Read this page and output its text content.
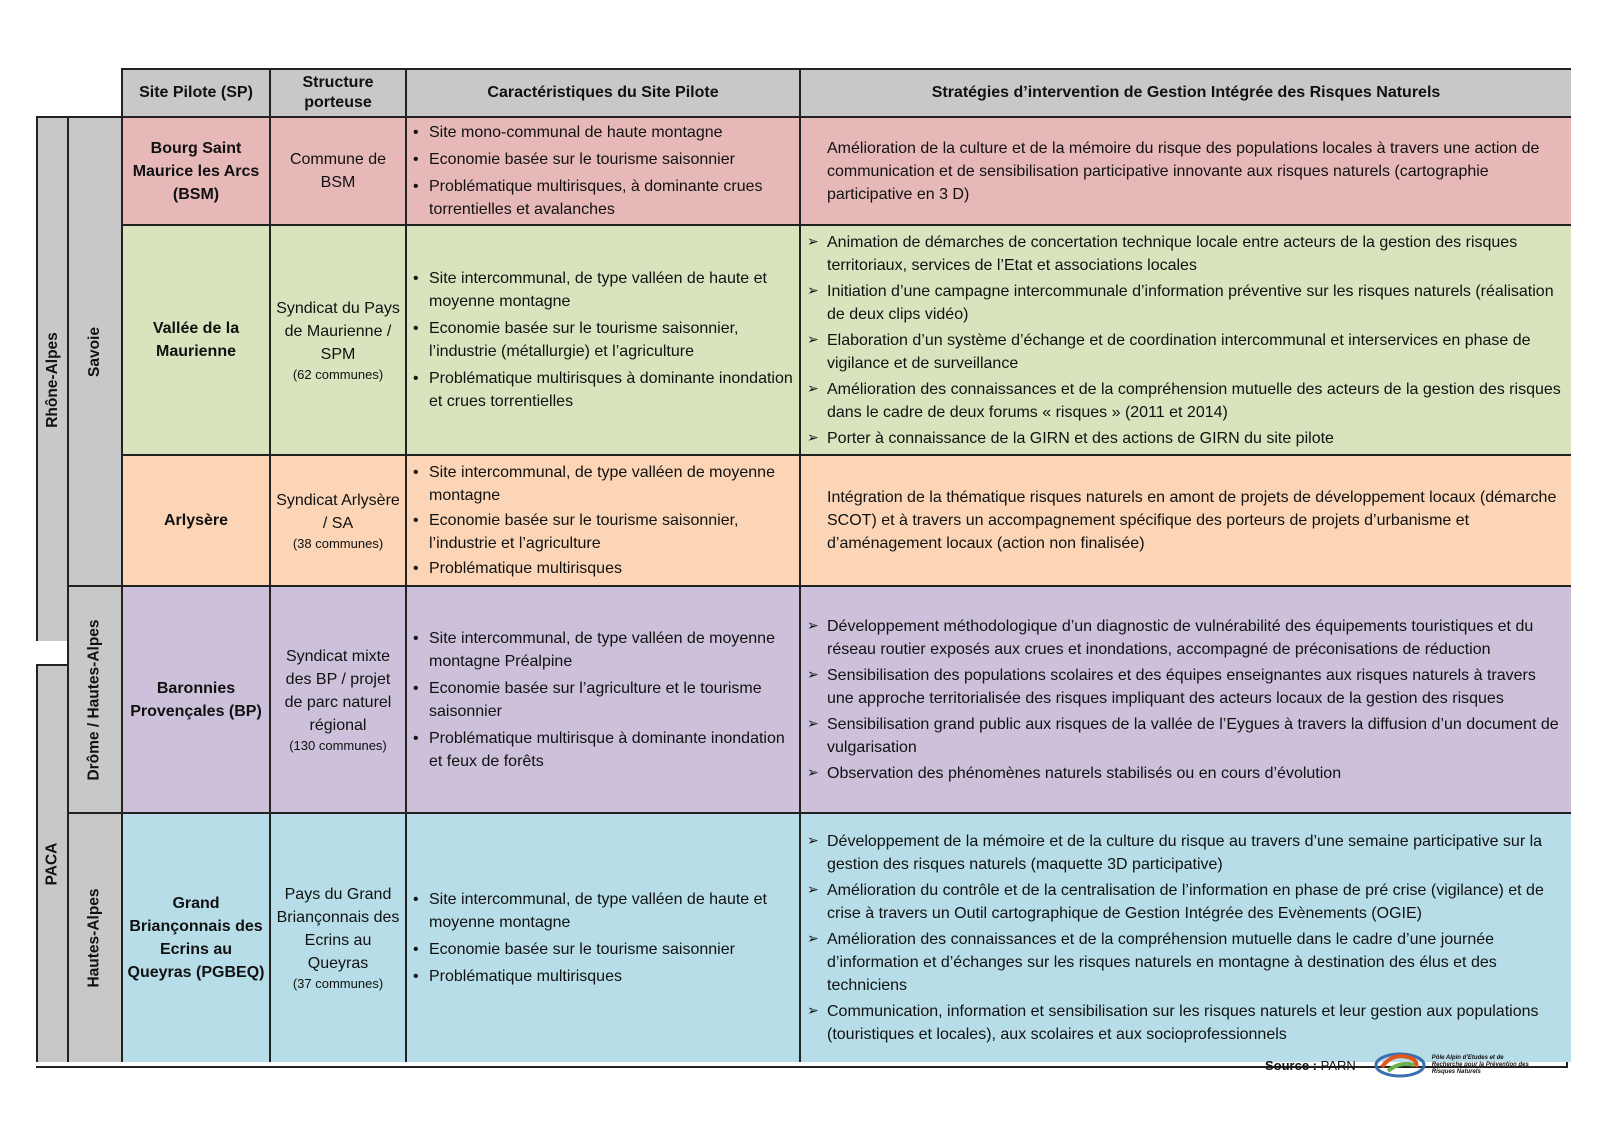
Site Pilote (SP)
Structure porteuse
Caractéristiques du Site Pilote	Stratégies d’intervention de Gestion Intégrée des Risques Naturels
Rhône-Alpes
PACA
Savoie
Drôme / Hautes-Alpes
Hautes-Alpes
Bourg Saint Maurice les Arcs (BSM)
Commune de BSM
• Site mono-communal de haute montagne
• Economie basée sur le tourisme saisonnier
• Problématique multirisques, à dominante crues torrentielles et avalanches

Amélioration de la culture et de la mémoire du risque des populations locales à travers une action de communication et de sensibilisation participative innovante aux risques naturels (cartographie participative en 3 D)

Vallée de la Maurienne
Syndicat du Pays de Maurienne / SPM
(62 communes)
• Site intercommunal, de type valléen de haute et moyenne montagne
• Economie basée sur le tourisme saisonnier, l’industrie (métallurgie) et l’agriculture
• Problématique multirisques à dominante inondation et crues torrentielles
➢ Animation de démarches de concertation technique locale entre acteurs de la gestion des risques territoriaux, services de l’Etat et associations locales
➢ Initiation d’une campagne intercommunale d’information préventive sur les risques naturels (réalisation de deux clips vidéo)
➢ Elaboration d’un système d’échange et de coordination intercommunal et interservices en phase de vigilance et de surveillance
➢ Amélioration des connaissances et de la compréhension mutuelle des acteurs de la gestion des risques dans le cadre de deux forums « risques » (2011 et 2014)
➢ Porter à connaissance de la GIRN et des actions de GIRN du site pilote
Arlysère
Syndicat Arlysère / SA
(38 communes)
• Site intercommunal, de type valléen de moyenne montagne
• Economie basée sur le tourisme saisonnier, l’industrie et l’agriculture
• Problématique multirisques

Intégration de la thématique risques naturels en amont de projets de développement locaux (démarche SCOT) et à travers un accompagnement spécifique des porteurs de projets d’urbanisme et d’aménagement locaux (action non finalisée)

Baronnies Provençales (BP)
Syndicat mixte des BP / projet de parc naturel régional
(130 communes)
• Site intercommunal, de type valléen de moyenne montagne Préalpine
• Economie basée sur l’agriculture et le tourisme saisonnier
• Problématique multirisque à dominante inondation et feux de forêts
➢ Développement méthodologique d’un diagnostic de vulnérabilité des équipements touristiques et du réseau routier exposés aux crues et inondations, accompagné de préconisations de réduction
➢ Sensibilisation des populations scolaires et des équipes enseignantes aux risques naturels à travers une approche territorialisée des risques impliquant des acteurs locaux de la gestion des risques
➢ Sensibilisation grand public aux risques de la vallée de l’Eygues à travers la diffusion d’un document de vulgarisation
➢ Observation des phénomènes naturels stabilisés ou en cours d’évolution
Grand Briançonnais des Ecrins au Queyras (PGBEQ)
Pays du Grand Briançonnais des Ecrins au Queyras
(37 communes)
• Site intercommunal, de type valléen de haute et moyenne montagne
• Economie basée sur le tourisme saisonnier
• Problématique multirisques
➢ Développement de la mémoire et de la culture du risque au travers d’une semaine participative sur la gestion des risques naturels (maquette 3D participative)
➢ Amélioration du contrôle et de la centralisation de l’information en phase de pré crise (vigilance) et de crise à travers un Outil cartographique de Gestion Intégrée des Evènements (OGIE)
➢ Amélioration des connaissances et de la compréhension mutuelle dans le cadre d’une journée d’information et d’échanges sur les risques naturels en montagne à destination des élus et des techniciens
➢ Communication, information et sensibilisation sur les risques naturels et leur gestion aux populations (touristiques et locales), aux scolaires et aux socioprofessionnels
Source : PARN	Pôle Alpin d’Etudes et de Recherche pour la Prévention des Risques Naturels
